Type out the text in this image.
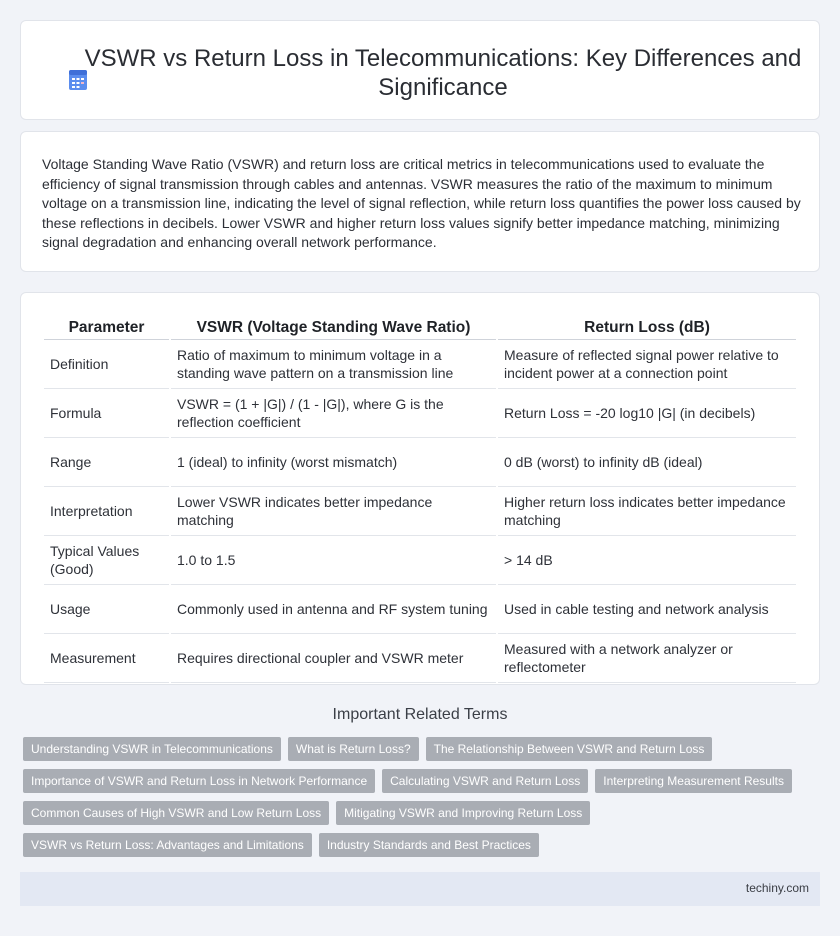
VSWR vs Return Loss in Telecommunications: Key Differences and Significance

Voltage Standing Wave Ratio (VSWR) and return loss are critical metrics in telecommunications used to evaluate the efficiency of signal transmission through cables and antennas. VSWR measures the ratio of the maximum to minimum voltage on a transmission line, indicating the level of signal reflection, while return loss quantifies the power loss caused by these reflections in decibels. Lower VSWR and higher return loss values signify better impedance matching, minimizing signal degradation and enhancing overall network performance.

Parameter	VSWR (Voltage Standing Wave Ratio)	Return Loss (dB)
Definition	Ratio of maximum to minimum voltage in a standing wave pattern on a transmission line	Measure of reflected signal power relative to incident power at a connection point
Formula	VSWR = (1 + |G|) / (1 - |G|), where G is the reflection coefficient	Return Loss = -20 log10 |G| (in decibels)
Range	1 (ideal) to infinity (worst mismatch)	0 dB (worst) to infinity dB (ideal)
Interpretation	Lower VSWR indicates better impedance matching	Higher return loss indicates better impedance matching
Typical Values (Good)	1.0 to 1.5	> 14 dB
Usage	Commonly used in antenna and RF system tuning	Used in cable testing and network analysis
Measurement	Requires directional coupler and VSWR meter	Measured with a network analyzer or reflectometer
Important Related Terms
Understanding VSWR in Telecommunications	What is Return Loss?	The Relationship Between VSWR and Return Loss
Importance of VSWR and Return Loss in Network Performance	Calculating VSWR and Return Loss	Interpreting Measurement Results
Common Causes of High VSWR and Low Return Loss	Mitigating VSWR and Improving Return Loss
VSWR vs Return Loss: Advantages and Limitations	Industry Standards and Best Practices
techiny.com
